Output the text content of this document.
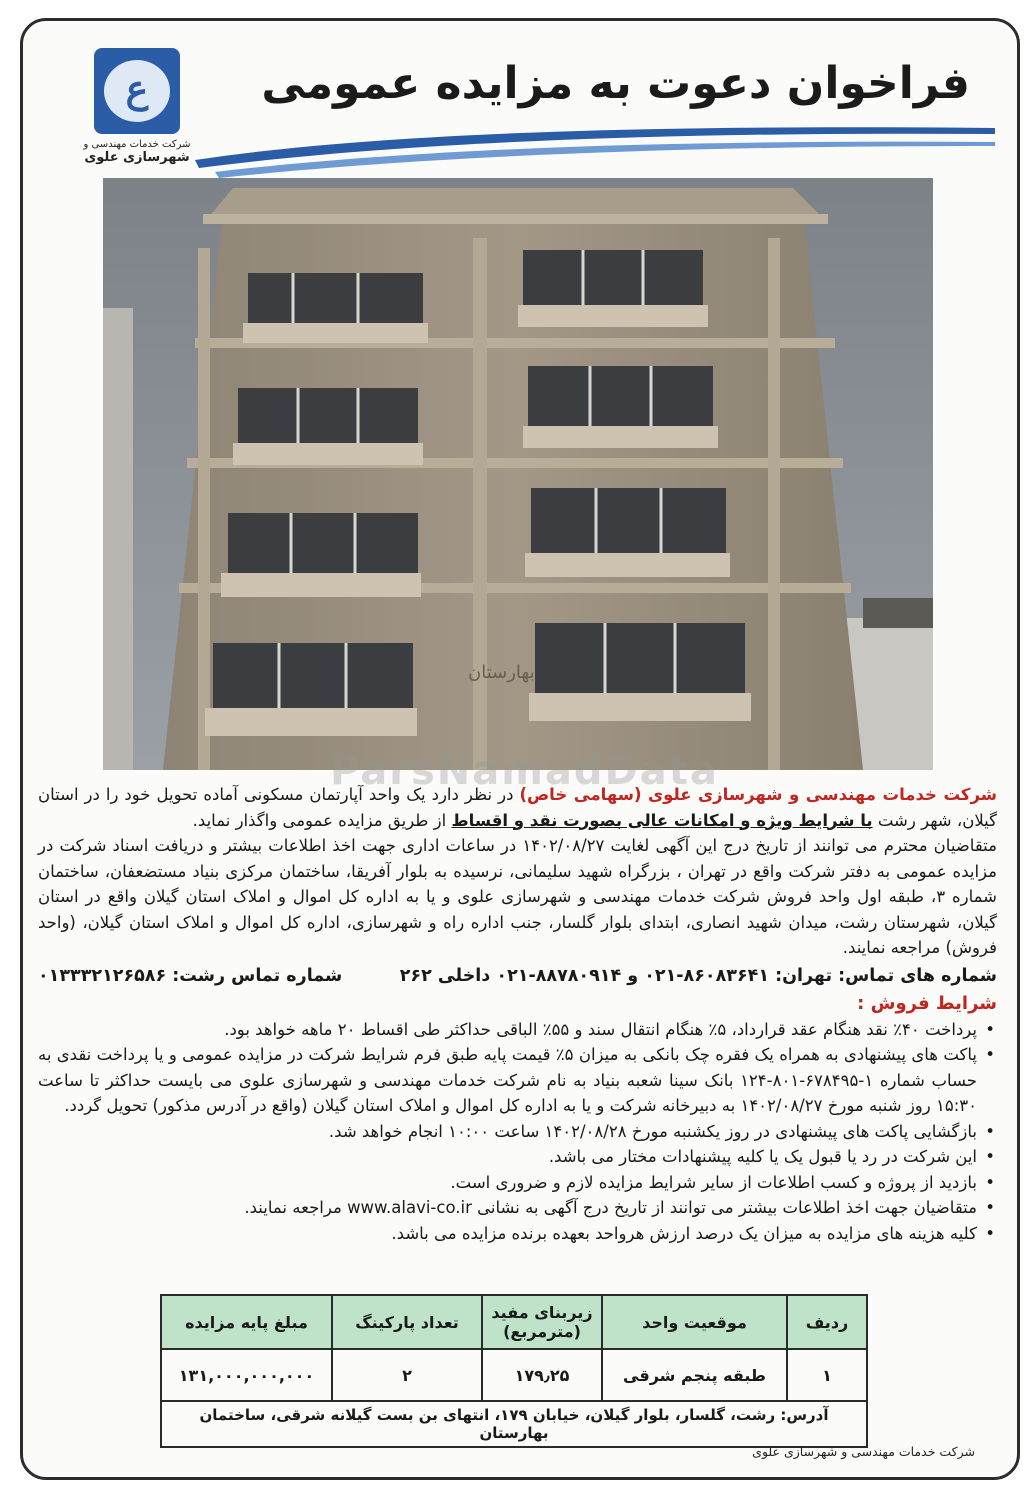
ع
شرکت خدمات مهندسی و
شهرسازی علوی
فراخوان دعوت به مزایده عمومی
بهارستان
ParsNamadData

شرکت خدمات مهندسی و شهرسازی علوی (سهامی خاص) در نظر دارد یک واحد آپارتمان مسکونی آماده تحویل خود را در استان گیلان، شهر رشت با شرایط ویژه و امکانات عالی بصورت نقد و اقساط از طریق مزایده عمومی واگذار نماید.

متقاضیان محترم می توانند از تاریخ درج این آگهی لغایت ۱۴۰۲/۰۸/۲۷ در ساعات اداری جهت اخذ اطلاعات بیشتر و دریافت اسناد شرکت در مزایده عمومی به دفتر شرکت واقع در تهران ، بزرگراه شهید سلیمانی، نرسیده به بلوار آفریقا، ساختمان مرکزی بنیاد مستضعفان، ساختمان شماره ۳، طبقه اول واحد فروش شرکت خدمات مهندسی و شهرسازی علوی و یا به اداره کل اموال و املاک استان گیلان واقع در استان گیلان، شهرستان رشت، میدان شهید انصاری، ابتدای بلوار گلسار، جنب اداره راه و شهرسازی، اداره کل اموال و املاک استان گیلان، (واحد فروش) مراجعه نمایند.

شماره های تماس: تهران: ۸۶۰۸۳۶۴۱-۰۲۱ و ۸۸۷۸۰۹۱۴-۰۲۱ داخلی ۲۶۲
شماره تماس رشت: ۰۱۳۳۳۲۱۲۶۵۸۶
شرایط فروش :
• پرداخت ۴۰٪ نقد هنگام عقد قرارداد، ۵٪ هنگام انتقال سند و ۵۵٪ الباقی حداکثر طی اقساط ۲۰ ماهه خواهد بود.
• پاکت های پیشنهادی به همراه یک فقره چک بانکی به میزان ۵٪ قیمت پایه طبق فرم شرایط شرکت در مزایده عمومی و یا پرداخت نقدی به حساب شماره ۱-۶۷۸۴۹۵-۸۰۱-۱۲۴ بانک سینا شعبه بنیاد به نام شرکت خدمات مهندسی و شهرسازی علوی می بایست حداکثر تا ساعت ۱۵:۳۰ روز شنبه مورخ ۱۴۰۲/۰۸/۲۷ به دبیرخانه شرکت و یا به اداره کل اموال و املاک استان گیلان (واقع در آدرس مذکور) تحویل گردد.
• بازگشایی پاکت های پیشنهادی در روز یکشنبه مورخ ۱۴۰۲/۰۸/۲۸ ساعت ۱۰:۰۰ انجام خواهد شد.
• این شرکت در رد یا قبول یک یا کلیه پیشنهادات مختار می باشد.
• بازدید از پروژه و کسب اطلاعات از سایر شرایط مزایده لازم و ضروری است.
• متقاضیان جهت اخذ اطلاعات بیشتر می توانند از تاریخ درج آگهی به نشانی www.alavi-co.ir مراجعه نمایند.
• کلیه هزینه های مزایده به میزان یک درصد ارزش هرواحد بعهده برنده مزایده می باشد.
ردیف	موقعیت واحد	زیربنای مفید (مترمربع)	تعداد پارکینگ	مبلغ پایه مزایده
۱	طبقه پنجم شرقی	۱۷۹٫۲۵	۲	۱۳۱,۰۰۰,۰۰۰,۰۰۰
آدرس: رشت، گلسار، بلوار گیلان، خیابان ۱۷۹، انتهای بن بست گیلانه شرقی، ساختمان بهارستان				
شرکت خدمات مهندسی و شهرسازی علوی
